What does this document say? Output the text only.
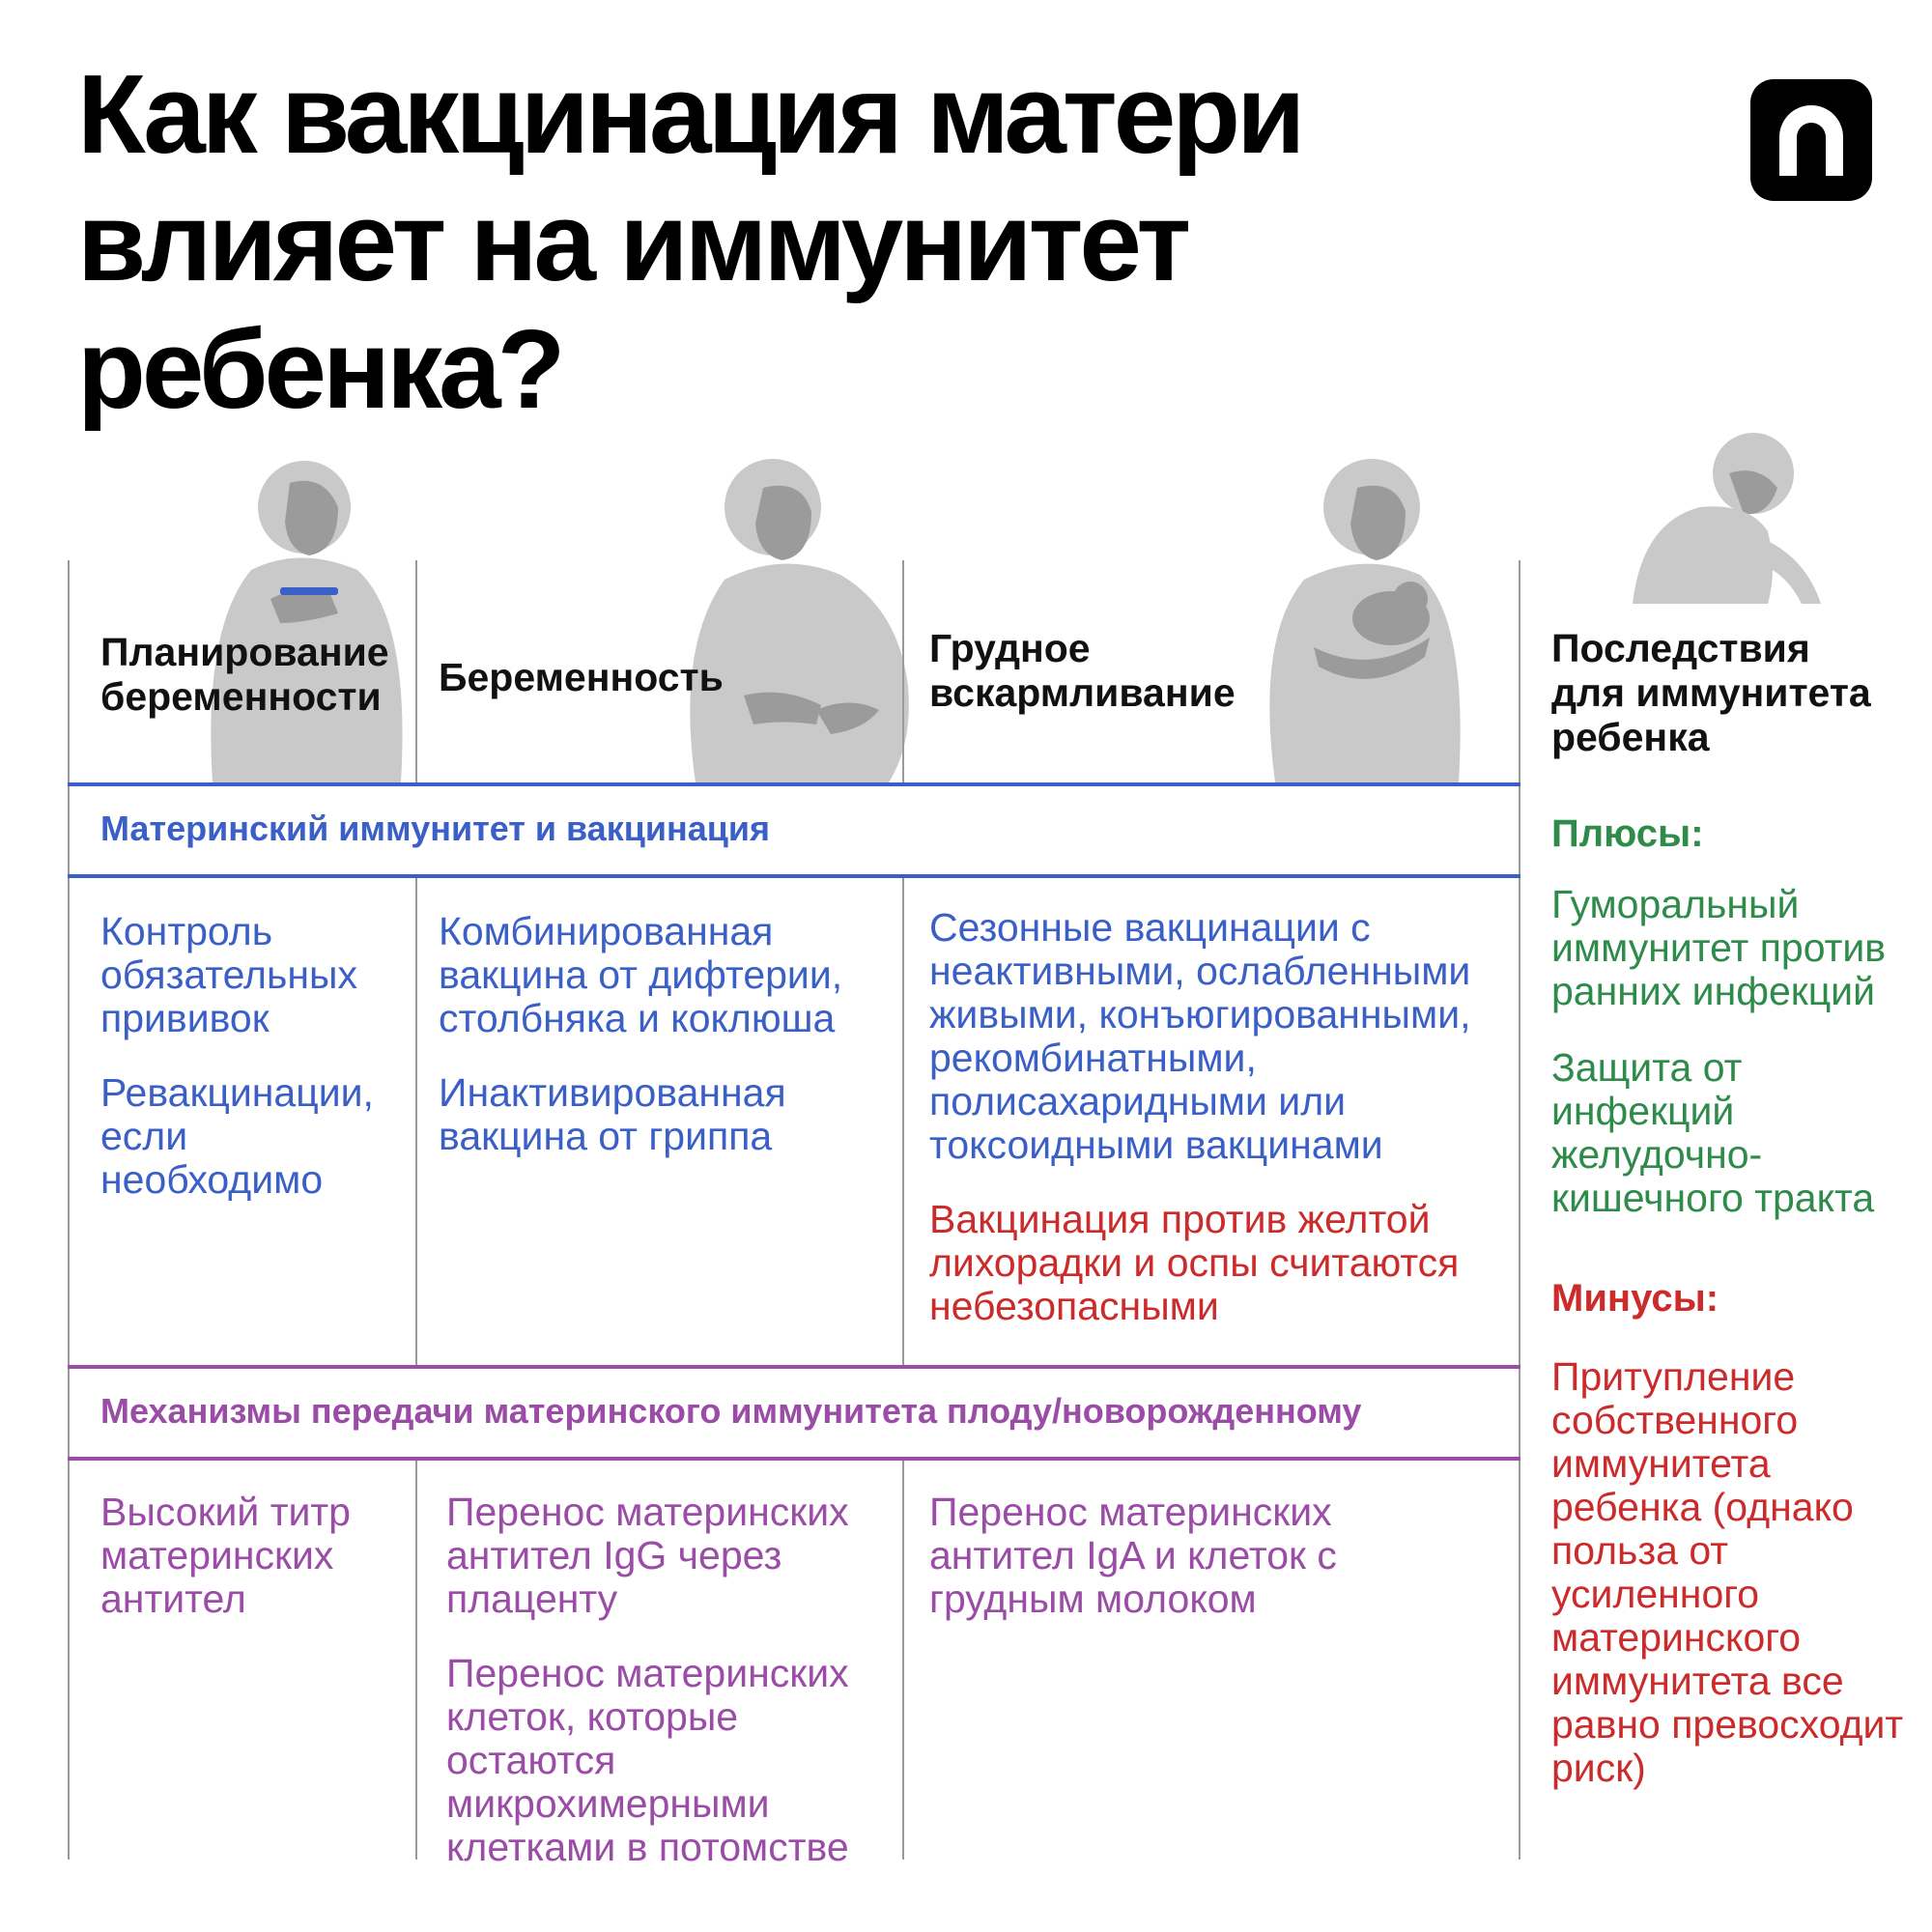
Как вакцинация матери
влияет на иммунитет
ребенка?
Планирование беременности	Беременность
Грудное вскармливание
Последствия для иммунитета ребенка
Материнский иммунитет и вакцинация

Контроль обязательных прививок

Ревакцинации, если необходимо

Комбинированная вакцина от дифтерии, столбняка и коклюша

Инактивированная вакцина от гриппа

Сезонные вакцинации с неактивными, ослабленными живыми, конъюгированными, рекомбинатными, полисахаридными или токсоидными вакцинами

Вакцинация против желтой лихорадки и оспы считаются небезопасными

Механизмы передачи материнского иммунитета плоду/новорожденному

Высокий титр материнских антител

Перенос материнских антител IgG через плаценту

Перенос материнских клеток, которые остаются микрохимерными клетками в потомстве

Перенос материнских антител IgA и клеток с грудным молоком

Плюсы:

Гуморальный иммунитет против ранних инфекций

Защита от инфекций желудочно-кишечного тракта

Минусы:

Притупление собственного иммунитета ребенка (однако польза от усиленного материнского иммунитета все равно превосходит риск)
